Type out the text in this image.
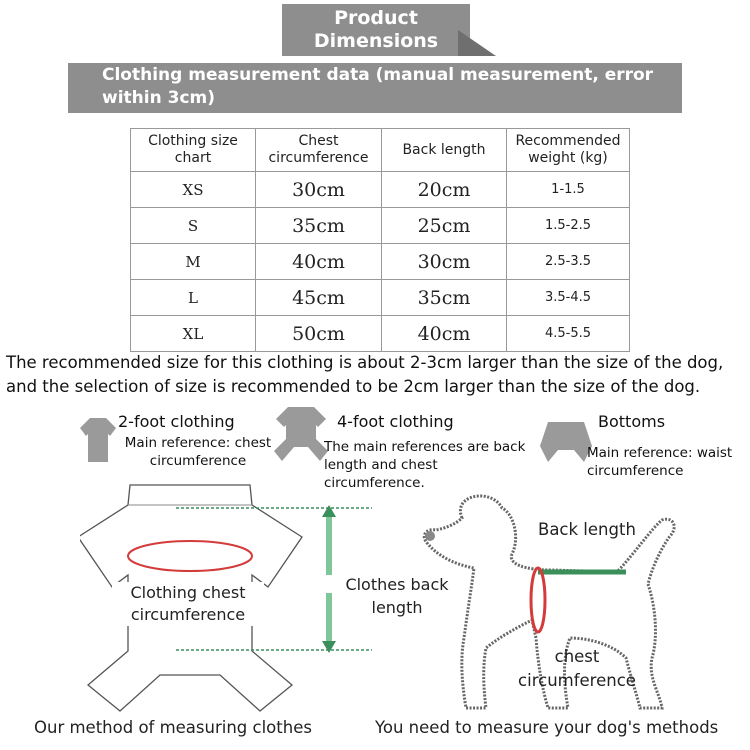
Product
Dimensions
Clothing measurement data (manual measurement, error within 3cm)
Clothing size chart	Chest circumference	Back length	Recommended weight (kg)
XS	30cm	20cm	1-1.5
S	35cm	25cm	1.5-2.5
M	40cm	30cm	2.5-3.5
L	45cm	35cm	3.5-4.5
XL	50cm	40cm	4.5-5.5
The recommended size for this clothing is about 2-3cm larger than the size of the dog, and the selection of size is recommended to be 2cm larger than the size of the dog.
2-foot clothing
Main reference: chest circumference
4-foot clothing
The main references are back length and chest circumference.
Bottoms
Main reference: waist circumference
Clothing chest circumference
Clothes back length
Our method of measuring clothes
Back length
chest circumference
You need to measure your dog's methods
